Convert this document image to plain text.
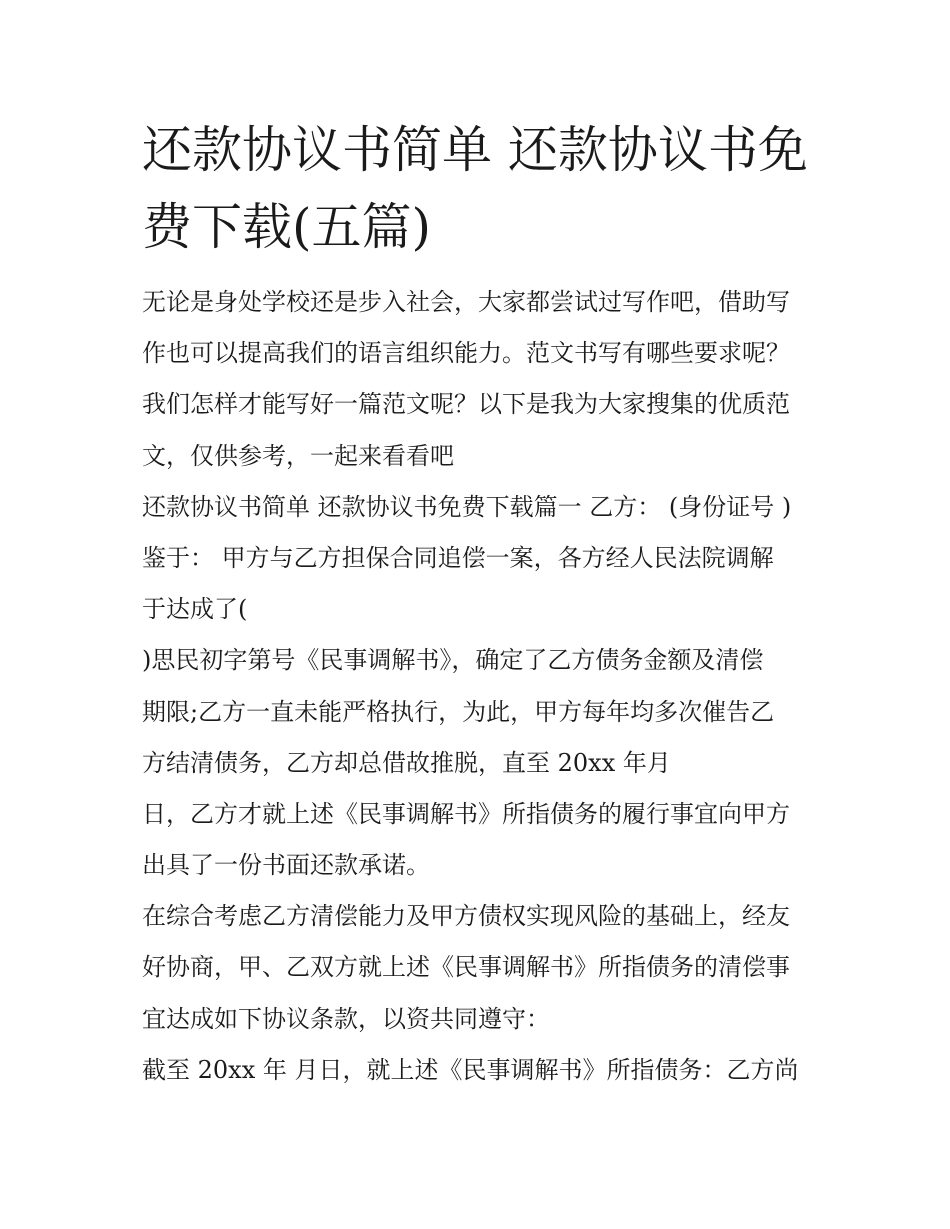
还款协议书简单 还款协议书免
费下载(五篇)
无论是身处学校还是步入社会，大家都尝试过写作吧，借助写
作也可以提高我们的语言组织能力。范文书写有哪些要求呢？
我们怎样才能写好一篇范文呢？以下是我为大家搜集的优质范
文，仅供参考，一起来看看吧
还款协议书简单 还款协议书免费下载篇一 乙方： (身份证号 )
鉴于： 甲方与乙方担保合同追偿一案，各方经人民法院调解
于达成了(
)思民初字第号《民事调解书》，确定了乙方债务金额及清偿
期限;乙方一直未能严格执行，为此，甲方每年均多次催告乙
方结清债务，乙方却总借故推脱，直至 20xx 年月
日，乙方才就上述《民事调解书》所指债务的履行事宜向甲方
出具了一份书面还款承诺。
在综合考虑乙方清偿能力及甲方债权实现风险的基础上，经友
好协商，甲、乙双方就上述《民事调解书》所指债务的清偿事
宜达成如下协议条款，以资共同遵守：
截至 20xx 年 月日，就上述《民事调解书》所指债务：乙方尚
